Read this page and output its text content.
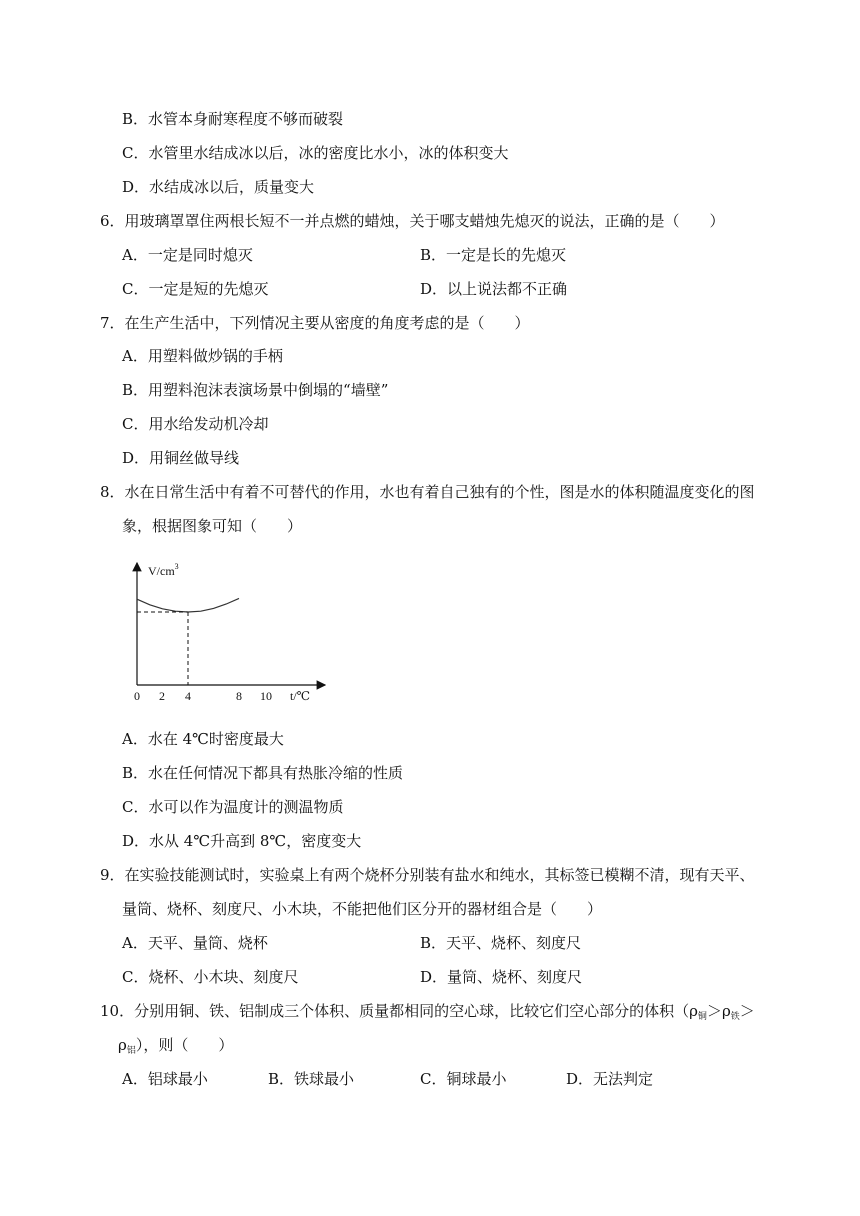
B．水管本身耐寒程度不够而破裂
C．水管里水结成冰以后，冰的密度比水小，冰的体积变大
D．水结成冰以后，质量变大
6．用玻璃罩罩住两根长短不一并点燃的蜡烛，关于哪支蜡烛先熄灭的说法，正确的是（　　）
A．一定是同时熄灭	B．一定是长的先熄灭
C．一定是短的先熄灭	D．以上说法都不正确
7．在生产生活中，下列情况主要从密度的角度考虑的是（　　）
A．用塑料做炒锅的手柄
B．用塑料泡沫表演场景中倒塌的“墙壁”
C．用水给发动机冷却
D．用铜丝做导线
8．水在日常生活中有着不可替代的作用，水也有着自己独有的个性，图是水的体积随温度变化的图
象，根据图象可知（　　）
$V/cm^3$
0 2 4	8 10 t/℃
A．水在 4℃时密度最大
B．水在任何情况下都具有热胀冷缩的性质
C．水可以作为温度计的测温物质
D．水从 4℃升高到 8℃，密度变大
9．在实验技能测试时，实验桌上有两个烧杯分别装有盐水和纯水，其标签已模糊不清，现有天平、
量筒、烧杯、刻度尺、小木块，不能把他们区分开的器材组合是（　　）
A．天平、量筒、烧杯	B．天平、烧杯、刻度尺
C．烧杯、小木块、刻度尺	D．量筒、烧杯、刻度尺
10．分别用铜、铁、铝制成三个体积、质量都相同的空心球，比较它们空心部分的体积（$\rho_铜>\rho_铁>$
$\rho_铝$），则（　　）
A．铝球最小	B．铁球最小	C．铜球最小	D．无法判定
